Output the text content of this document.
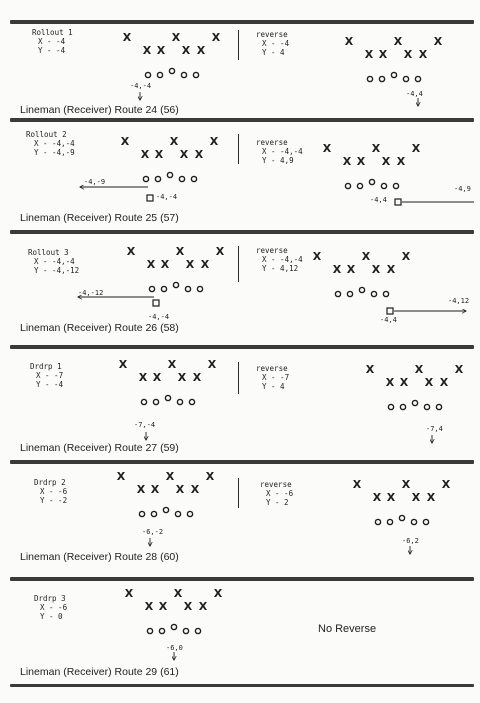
Rollout 1
X - -4
Y - -4
X	X	X
X X X X
X	X	X
X X X X
X	X	X
X X X X	X	X	X
X X X X
X	X	X
X X X X
X	X	X
X X X X
X	X	X
X X X X
X	X	X
X X X X
X	X	X
X X X X	X	X	X
X X X X
X	X	X
X X X X
Lineman (Receiver) Route 24 (56)
reverse
X - -4
Y - 4
-4,-4
-4,4
Rollout 2
X - -4,-4
Y - -4,-9
-4,-9
-4,-4
reverse
X - -4,-4
Y - 4,9
-4,4
-4,9
Lineman (Receiver) Route 25 (57)
Rollout 3
X - -4,-4
Y - -4,-12
-4,-12
-4,-4
reverse
X - -4,-4
Y - 4,12
-4,4
-4,12
Lineman (Receiver) Route 26 (58)
Drdrp 1
X - -7
Y - -4
-7,-4
reverse
X - -7
Y - 4
-7,4
Lineman (Receiver) Route 27 (59)
Drdrp 2
X - -6
Y - -2
-6,-2
reverse
X - -6
Y - 2
-6,2
Lineman (Receiver) Route 28 (60)
Drdrp 3
X - -6
Y - 0
-6,0
No Reverse
Lineman (Receiver) Route 29 (61)
